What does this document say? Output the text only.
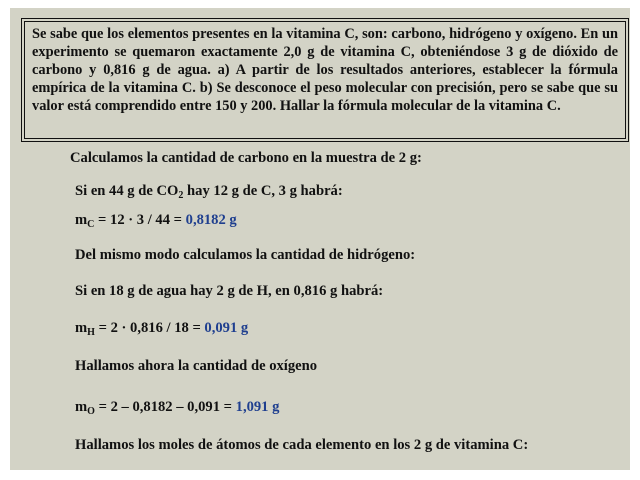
Se sabe que los elementos presentes en la vitamina C, son: carbono, hidrógeno y oxígeno. En un experimento se quemaron exactamente 2,0 g de vitamina C, obteniéndose 3 g de dióxido de carbono y 0,816 g de agua. a) A partir de los resultados anteriores, establecer la fórmula empírica de la vitamina C. b) Se desconoce el peso molecular con precisión, pero se sabe que su valor está comprendido entre 150 y 200. Hallar la fórmula molecular de la vitamina C.

Calculamos la cantidad de carbono en la muestra de 2 g:
Si en 44 g de $CO_2$ hay 12 g de C, 3 g habrá:
$m_C = 12 \cdot 3 / 44 = 0,8182$ g
Del mismo modo calculamos la cantidad de hidrógeno:
Si en 18 g de agua hay 2 g de H, en 0,816 g habrá:
$m_H = 2 \cdot 0,816 / 18 = 0,091$ g
Hallamos ahora la cantidad de oxígeno
$m_O = 2 - 0,8182 - 0,091 = 1,091$ g
Hallamos los moles de átomos de cada elemento en los 2 g de vitamina C:
